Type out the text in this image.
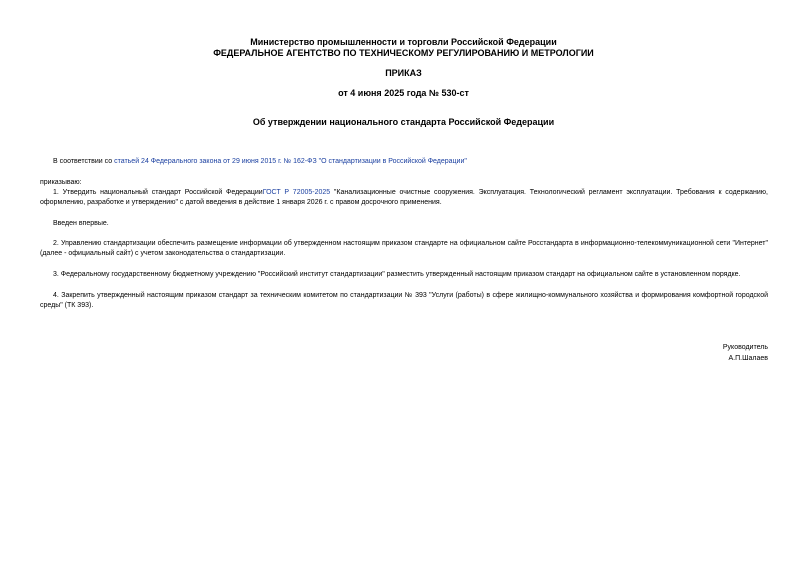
Министерство промышленности и торговли Российской Федерации
ФЕДЕРАЛЬНОЕ АГЕНТСТВО ПО ТЕХНИЧЕСКОМУ РЕГУЛИРОВАНИЮ И МЕТРОЛОГИИ
ПРИКАЗ
от 4 июня 2025 года № 530-ст
Об утверждении национального стандарта Российской Федерации
В соответствии со статьей 24 Федерального закона от 29 июня 2015 г. № 162-ФЗ "О стандартизации в Российской Федерации"
приказываю:
1. Утвердить национальный стандарт Российской ФедерацииГОСТ Р 72005-2025 "Канализационные очистные сооружения. Эксплуатация. Технологический регламент эксплуатации. Требования к содержанию, оформлению, разработке и утверждению" с датой введения в действие 1 января 2026 г. с правом досрочного применения.
Введен впервые.
2. Управлению стандартизации обеспечить размещение информации об утвержденном настоящим приказом стандарте на официальном сайте Росстандарта в информационно-телекоммуникационной сети "Интернет" (далее - официальный сайт) с учетом законодательства о стандартизации.
3. Федеральному государственному бюджетному учреждению "Российский институт стандартизации" разместить утвержденный настоящим приказом стандарт на официальном сайте в установленном порядке.
4. Закрепить утвержденный настоящим приказом стандарт за техническим комитетом по стандартизации № 393 "Услуги (работы) в сфере жилищно-коммунального хозяйства и формирования комфортной городской среды" (ТК 393).
Руководитель
А.П.Шалаев
